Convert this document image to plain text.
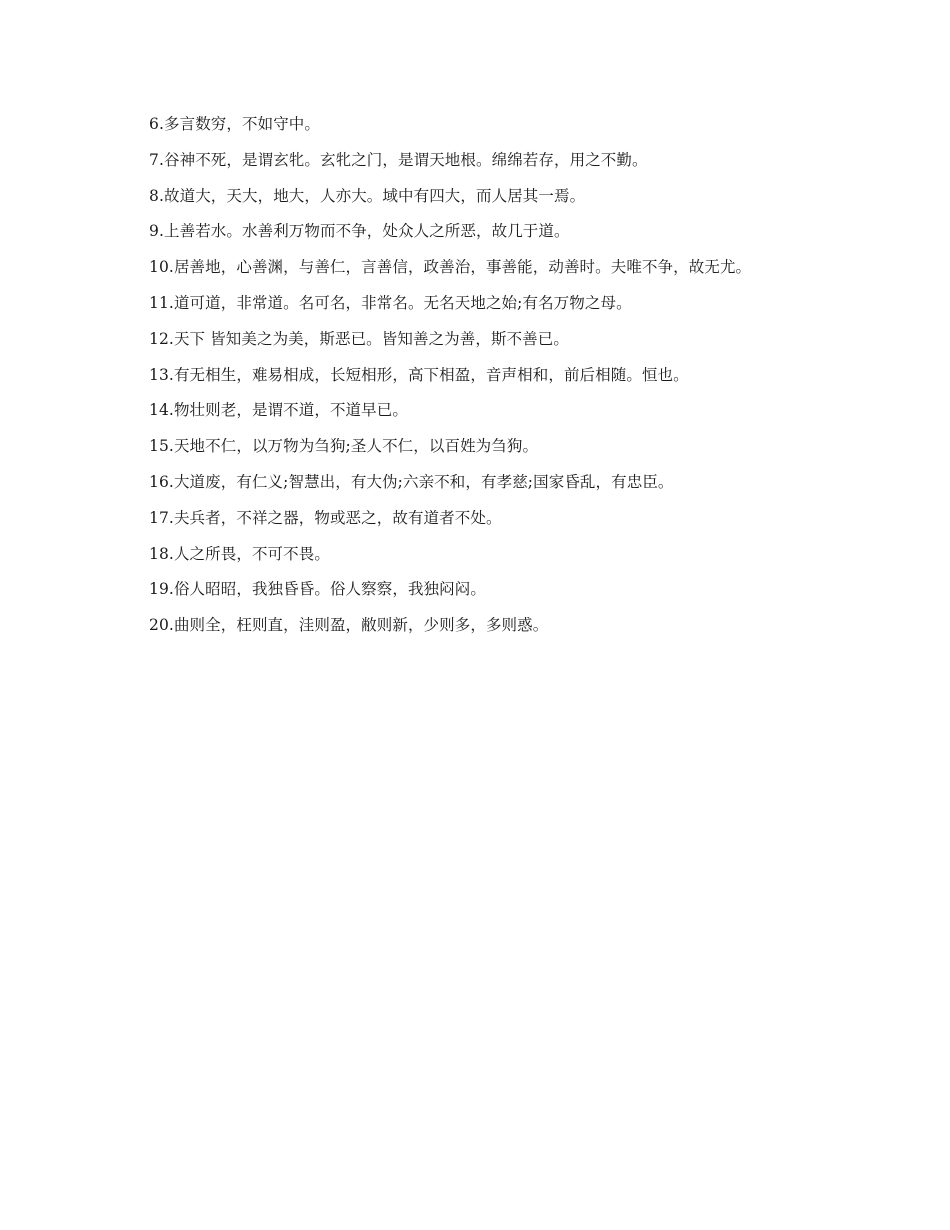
6.多言数穷，不如守中。

7.谷神不死，是谓玄牝。玄牝之门，是谓天地根。绵绵若存，用之不勤。

8.故道大，天大，地大，人亦大。域中有四大，而人居其一焉。

9.上善若水。水善利万物而不争，处众人之所恶，故几于道。

10.居善地，心善渊，与善仁，言善信，政善治，事善能，动善时。夫唯不争，故无尤。

11.道可道，非常道。名可名，非常名。无名天地之始;有名万物之母。

12.天下 皆知美之为美，斯恶已。皆知善之为善，斯不善已。

13.有无相生，难易相成，长短相形，高下相盈，音声相和，前后相随。恒也。

14.物壮则老，是谓不道，不道早已。

15.天地不仁，以万物为刍狗;圣人不仁，以百姓为刍狗。

16.大道废，有仁义;智慧出，有大伪;六亲不和，有孝慈;国家昏乱，有忠臣。

17.夫兵者，不祥之器，物或恶之，故有道者不处。

18.人之所畏，不可不畏。

19.俗人昭昭，我独昏昏。俗人察察，我独闷闷。

20.曲则全，枉则直，洼则盈，敝则新，少则多，多则惑。
